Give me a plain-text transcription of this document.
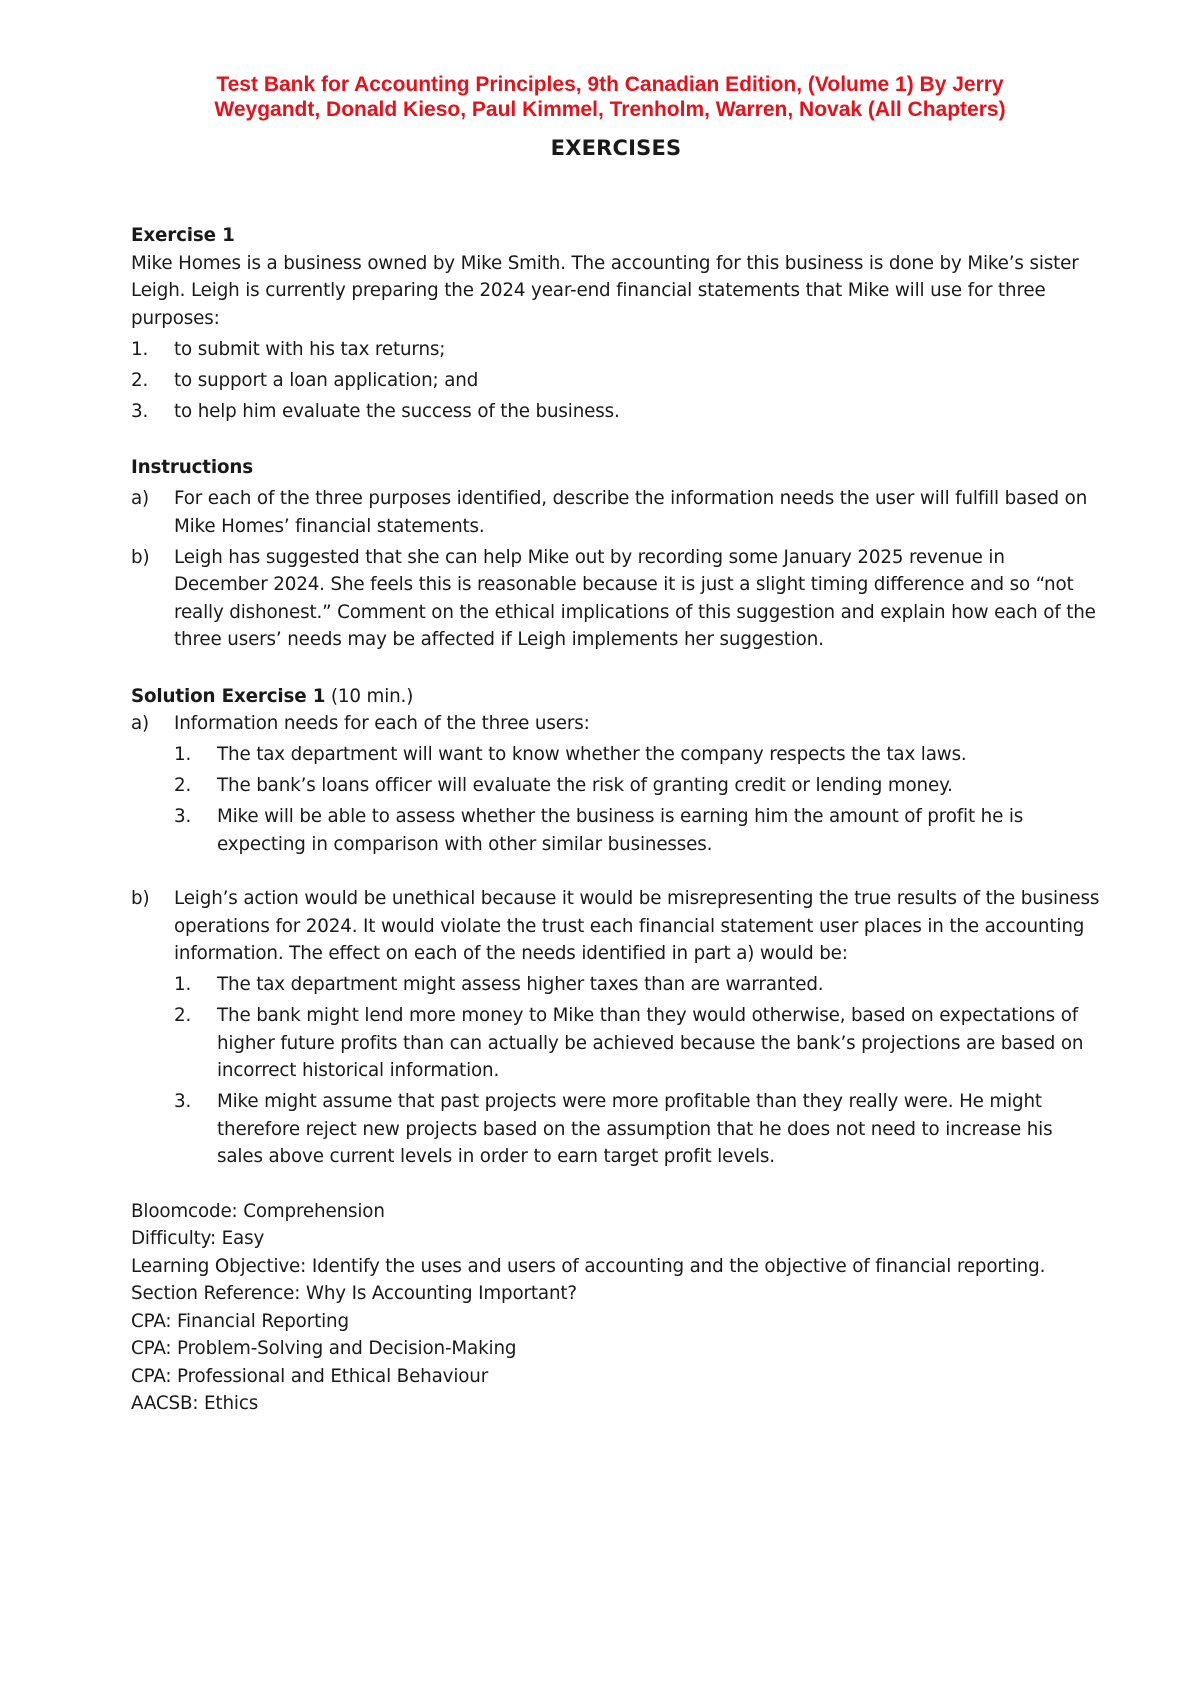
Test Bank for Accounting Principles, 9th Canadian Edition, (Volume 1) By Jerry
Weygandt, Donald Kieso, Paul Kimmel, Trenholm, Warren, Novak (All Chapters)
EXERCISES

Exercise 1

Mike Homes is a business owned by Mike Smith. The accounting for this business is done by Mike’s sister Leigh. Leigh is currently preparing the 2024 year-end financial statements that Mike will use for three purposes:

1.	to submit with his tax returns;
2.	to support a loan application; and
3.	to help him evaluate the success of the business.

Instructions

a)	For each of the three purposes identified, describe the information needs the user will fulfill based on Mike Homes’ financial statements.
b)	Leigh has suggested that she can help Mike out by recording some January 2025 revenue in December 2024. She feels this is reasonable because it is just a slight timing difference and so “not really dishonest.” Comment on the ethical implications of this suggestion and explain how each of the three users’ needs may be affected if Leigh implements her suggestion.

Solution Exercise 1 (10 min.)

a)	Information needs for each of the three users:
1.	The tax department will want to know whether the company respects the tax laws.
2.	The bank’s loans officer will evaluate the risk of granting credit or lending money.
3.	Mike will be able to assess whether the business is earning him the amount of profit he is expecting in comparison with other similar businesses.
b)	Leigh’s action would be unethical because it would be misrepresenting the true results of the business operations for 2024. It would violate the trust each financial statement user places in the accounting information. The effect on each of the needs identified in part a) would be:
1.	The tax department might assess higher taxes than are warranted.
2.	The bank might lend more money to Mike than they would otherwise, based on expectations of higher future profits than can actually be achieved because the bank’s projections are based on incorrect historical information.
3.	Mike might assume that past projects were more profitable than they really were. He might therefore reject new projects based on the assumption that he does not need to increase his sales above current levels in order to earn target profit levels.

Bloomcode: Comprehension

Difficulty: Easy

Learning Objective: Identify the uses and users of accounting and the objective of financial reporting.

Section Reference: Why Is Accounting Important?

CPA: Financial Reporting

CPA: Problem-Solving and Decision-Making

CPA: Professional and Ethical Behaviour

AACSB: Ethics
